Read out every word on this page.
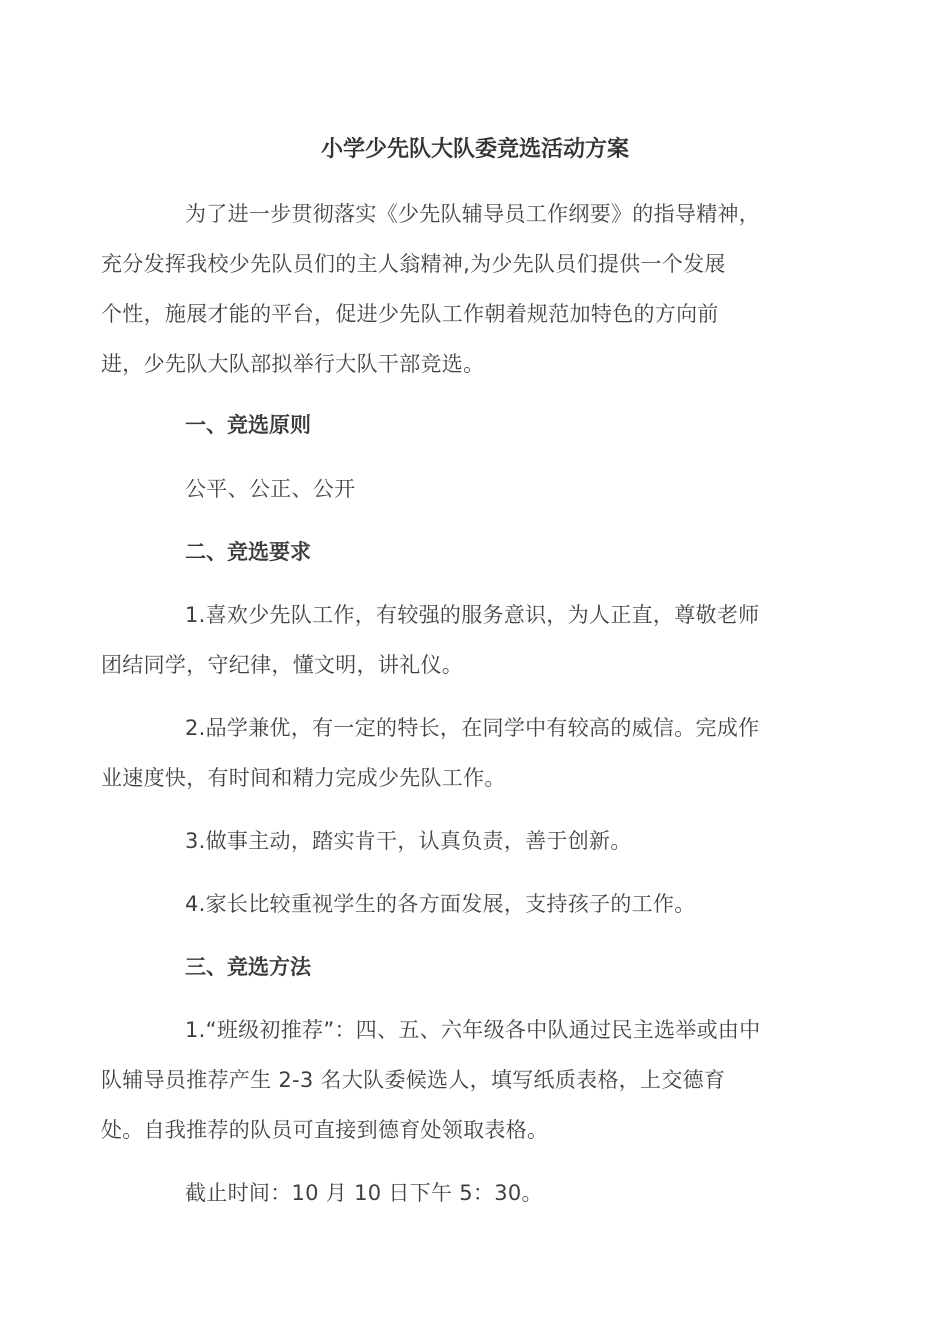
小学少先队大队委竞选活动方案

为了进一步贯彻落实《少先队辅导员工作纲要》的指导精神，
充分发挥我校少先队员们的主人翁精神,为少先队员们提供一个发展
个性，施展才能的平台，促进少先队工作朝着规范加特色的方向前
进，少先队大队部拟举行大队干部竞选。

一、竞选原则

公平、公正、公开

二、竞选要求

1.喜欢少先队工作，有较强的服务意识，为人正直，尊敬老师
团结同学，守纪律，懂文明，讲礼仪。

2.品学兼优，有一定的特长，在同学中有较高的威信。完成作
业速度快，有时间和精力完成少先队工作。

3.做事主动，踏实肯干，认真负责，善于创新。

4.家长比较重视学生的各方面发展，支持孩子的工作。

三、竞选方法

1.“班级初推荐”：四、五、六年级各中队通过民主选举或由中
队辅导员推荐产生 2-3 名大队委候选人，填写纸质表格，上交德育
处。自我推荐的队员可直接到德育处领取表格。

截止时间：10 月 10 日下午 5：30。
